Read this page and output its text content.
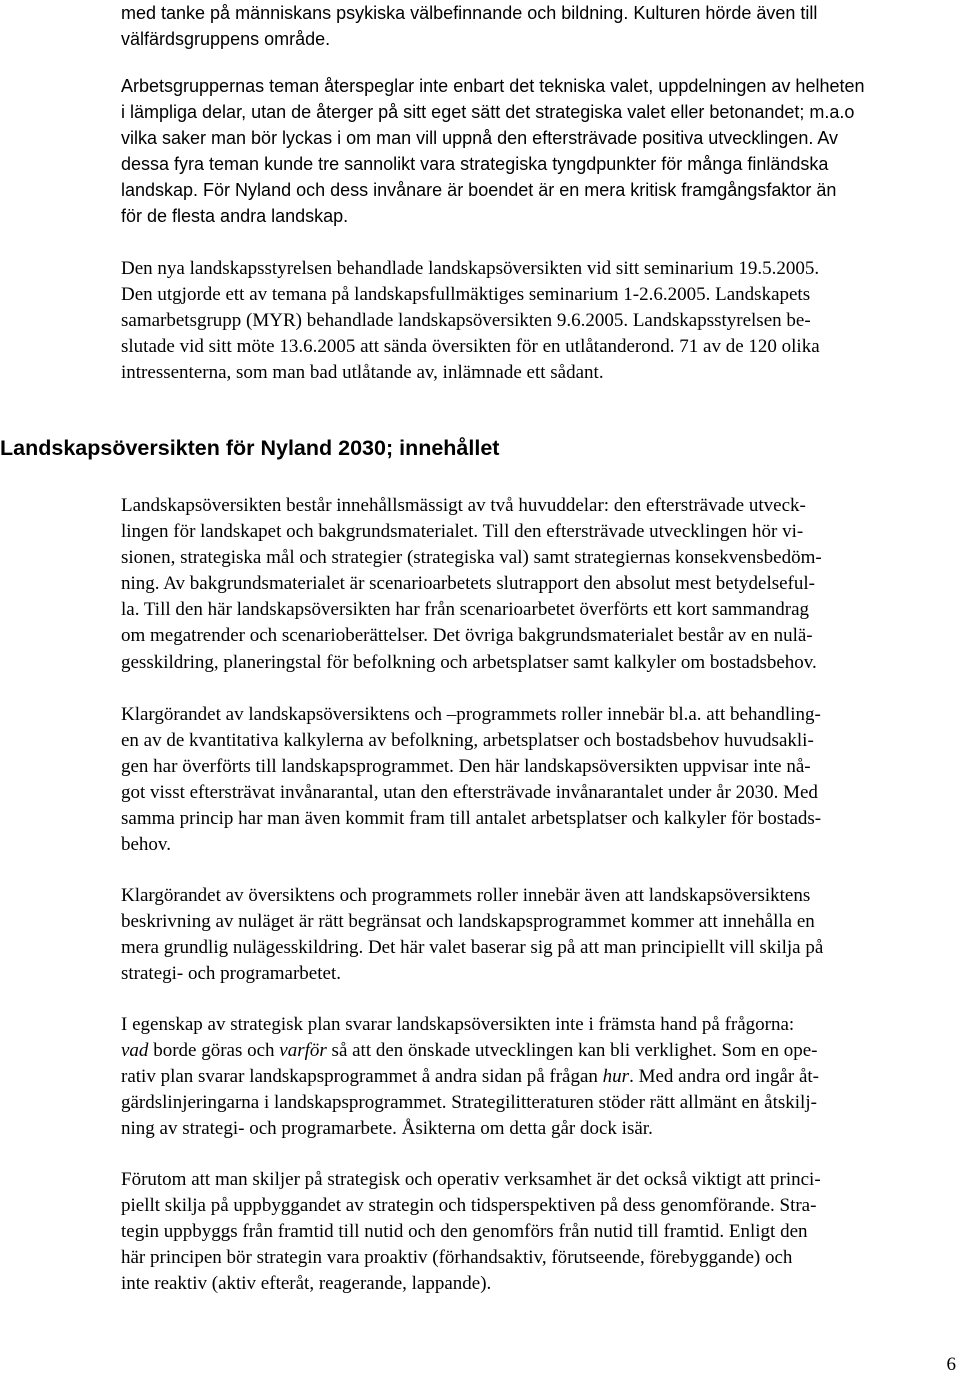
med tanke på människans psykiska välbefinnande och bildning. Kulturen hörde även till
välfärdsgruppens område.

Arbetsgruppernas teman återspeglar inte enbart det tekniska valet, uppdelningen av helheten
i lämpliga delar, utan de återger på sitt eget sätt det strategiska valet eller betonandet; m.a.o
vilka saker man bör lyckas i om man vill uppnå den eftersträvade positiva utvecklingen. Av
dessa fyra teman kunde tre sannolikt vara strategiska tyngdpunkter för många finländska
landskap. För Nyland och dess invånare är boendet är en mera kritisk framgångsfaktor än
för de flesta andra landskap.

Den nya landskapsstyrelsen behandlade landskapsöversikten vid sitt seminarium 19.5.2005.
Den utgjorde ett av temana på landskapsfullmäktiges seminarium 1-2.6.2005. Landskapets
samarbetsgrupp (MYR) behandlade landskapsöversikten 9.6.2005. Landskapsstyrelsen be-
slutade vid sitt möte 13.6.2005 att sända översikten för en utlåtanderond. 71 av de 120 olika
intressenterna, som man bad utlåtande av, inlämnade ett sådant.

Landskapsöversikten för Nyland 2030; innehållet

Landskapsöversikten består innehållsmässigt av två huvuddelar: den eftersträvade utveck-
lingen för landskapet och bakgrundsmaterialet. Till den eftersträvade utvecklingen hör vi-
sionen, strategiska mål och strategier (strategiska val) samt strategiernas konsekvensbedöm-
ning. Av bakgrundsmaterialet är scenarioarbetets slutrapport den absolut mest betydelseful-
la. Till den här landskapsöversikten har från scenarioarbetet överförts ett kort sammandrag
om megatrender och scenarioberättelser. Det övriga bakgrundsmaterialet består av en nulä-
gesskildring, planeringstal för befolkning och arbetsplatser samt kalkyler om bostadsbehov.

Klargörandet av landskapsöversiktens och –programmets roller innebär bl.a. att behandling-
en av de kvantitativa kalkylerna av befolkning, arbetsplatser och bostadsbehov huvudsakli-
gen har överförts till landskapsprogrammet. Den här landskapsöversikten uppvisar inte nå-
got visst eftersträvat invånarantal, utan den eftersträvade invånarantalet under år 2030. Med
samma princip har man även kommit fram till antalet arbetsplatser och kalkyler för bostads-
behov.

Klargörandet av översiktens och programmets roller innebär även att landskapsöversiktens
beskrivning av nuläget är rätt begränsat och landskapsprogrammet kommer att innehålla en
mera grundlig nulägesskildring. Det här valet baserar sig på att man principiellt vill skilja på
strategi- och programarbetet.

I egenskap av strategisk plan svarar landskapsöversikten inte i främsta hand på frågorna:
vad borde göras och varför så att den önskade utvecklingen kan bli verklighet. Som en ope-
rativ plan svarar landskapsprogrammet å andra sidan på frågan hur. Med andra ord ingår åt-
gärdslinjeringarna i landskapsprogrammet. Strategilitteraturen stöder rätt allmänt en åtskilj-
ning av strategi- och programarbete. Åsikterna om detta går dock isär.

Förutom att man skiljer på strategisk och operativ verksamhet är det också viktigt att princi-
piellt skilja på uppbyggandet av strategin och tidsperspektiven på dess genomförande. Stra-
tegin uppbyggs från framtid till nutid och den genomförs från nutid till framtid. Enligt den
här principen bör strategin vara proaktiv (förhandsaktiv, förutseende, förebyggande) och
inte reaktiv (aktiv efteråt, reagerande, lappande).

6
